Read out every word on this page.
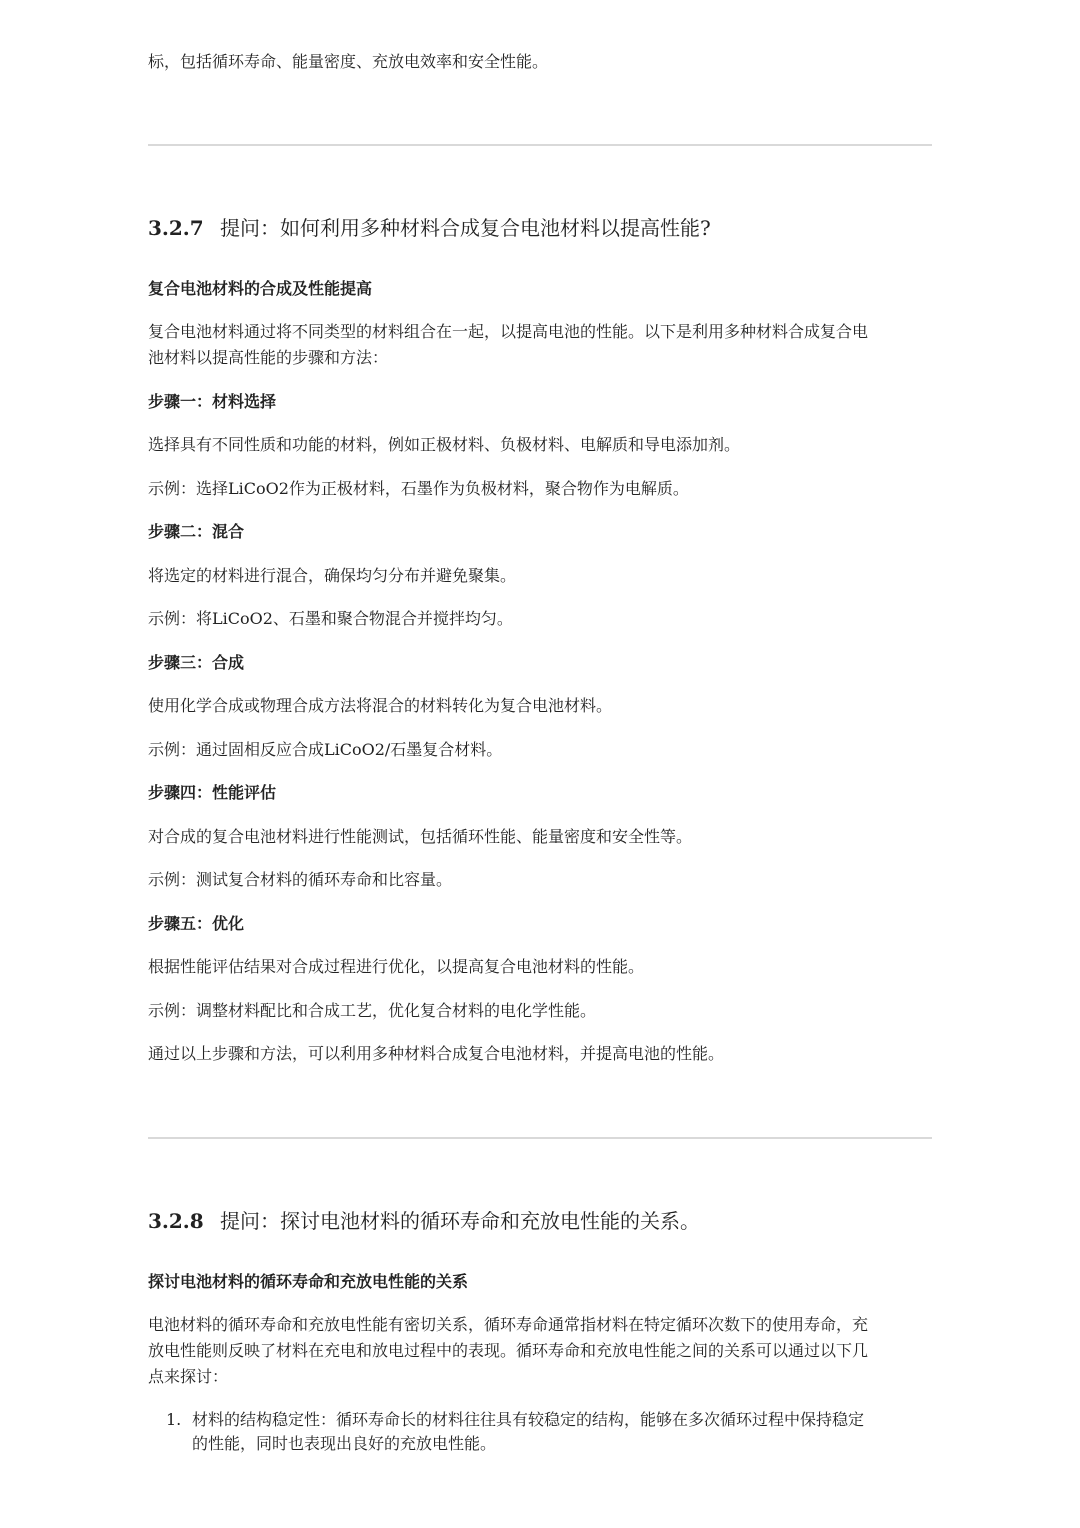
标，包括循环寿命、能量密度、充放电效率和安全性能。
3.2.7 提问：如何利用多种材料合成复合电池材料以提高性能?
复合电池材料的合成及性能提高
复合电池材料通过将不同类型的材料组合在一起，以提高电池的性能。以下是利用多种材料合成复合电
池材料以提高性能的步骤和方法：
步骤一：材料选择
选择具有不同性质和功能的材料，例如正极材料、负极材料、电解质和导电添加剂。
示例：选择LiCoO2作为正极材料，石墨作为负极材料，聚合物作为电解质。
步骤二：混合
将选定的材料进行混合，确保均匀分布并避免聚集。
示例：将LiCoO2、石墨和聚合物混合并搅拌均匀。
步骤三：合成
使用化学合成或物理合成方法将混合的材料转化为复合电池材料。
示例：通过固相反应合成LiCoO2/石墨复合材料。
步骤四：性能评估
对合成的复合电池材料进行性能测试，包括循环性能、能量密度和安全性等。
示例：测试复合材料的循环寿命和比容量。
步骤五：优化
根据性能评估结果对合成过程进行优化，以提高复合电池材料的性能。
示例：调整材料配比和合成工艺，优化复合材料的电化学性能。
通过以上步骤和方法，可以利用多种材料合成复合电池材料，并提高电池的性能。
3.2.8 提问：探讨电池材料的循环寿命和充放电性能的关系。
探讨电池材料的循环寿命和充放电性能的关系
电池材料的循环寿命和充放电性能有密切关系，循环寿命通常指材料在特定循环次数下的使用寿命，充
放电性能则反映了材料在充电和放电过程中的表现。循环寿命和充放电性能之间的关系可以通过以下几
点来探讨：
1. 材料的结构稳定性：循环寿命长的材料往往具有较稳定的结构，能够在多次循环过程中保持稳定
的性能，同时也表现出良好的充放电性能。
